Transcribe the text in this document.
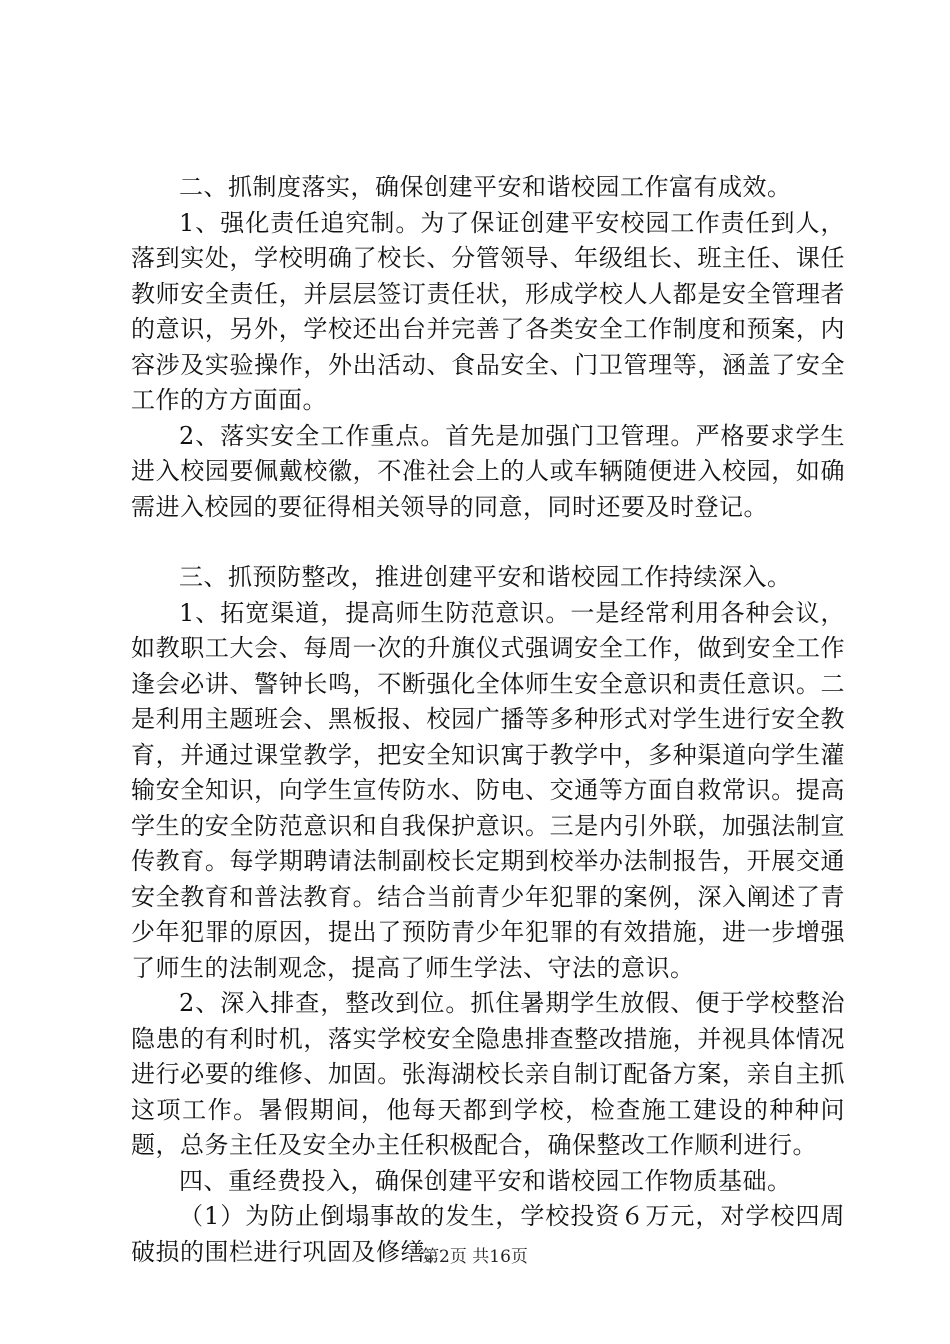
二、抓制度落实，确保创建平安和谐校园工作富有成效。

1、强化责任追究制。为了保证创建平安校园工作责任到人，落到实处，学校明确了校长、分管领导、年级组长、班主任、课任教师安全责任，并层层签订责任状，形成学校人人都是安全管理者的意识，另外，学校还出台并完善了各类安全工作制度和预案，内容涉及实验操作，外出活动、食品安全、门卫管理等，涵盖了安全工作的方方面面。

2、落实安全工作重点。首先是加强门卫管理。严格要求学生进入校园要佩戴校徽，不准社会上的人或车辆随便进入校园，如确需进入校园的要征得相关领导的同意，同时还要及时登记。

三、抓预防整改，推进创建平安和谐校园工作持续深入。

1、拓宽渠道，提高师生防范意识。一是经常利用各种会议，如教职工大会、每周一次的升旗仪式强调安全工作，做到安全工作逢会必讲、警钟长鸣，不断强化全体师生安全意识和责任意识。二是利用主题班会、黑板报、校园广播等多种形式对学生进行安全教育，并通过课堂教学，把安全知识寓于教学中，多种渠道向学生灌输安全知识，向学生宣传防水、防电、交通等方面自救常识。提高学生的安全防范意识和自我保护意识。三是内引外联，加强法制宣传教育。每学期聘请法制副校长定期到校举办法制报告，开展交通安全教育和普法教育。结合当前青少年犯罪的案例，深入阐述了青少年犯罪的原因，提出了预防青少年犯罪的有效措施，进一步增强了师生的法制观念，提高了师生学法、守法的意识。

2、深入排查，整改到位。抓住暑期学生放假、便于学校整治隐患的有利时机，落实学校安全隐患排查整改措施，并视具体情况进行必要的维修、加固。张海湖校长亲自制订配备方案，亲自主抓这项工作。暑假期间，他每天都到学校，检查施工建设的种种问题，总务主任及安全办主任积极配合，确保整改工作顺利进行。

四、重经费投入，确保创建平安和谐校园工作物质基础。

（1）为防止倒塌事故的发生，学校投资６万元，对学校四周破损的围栏进行巩固及修缮。

第2页 共16页
